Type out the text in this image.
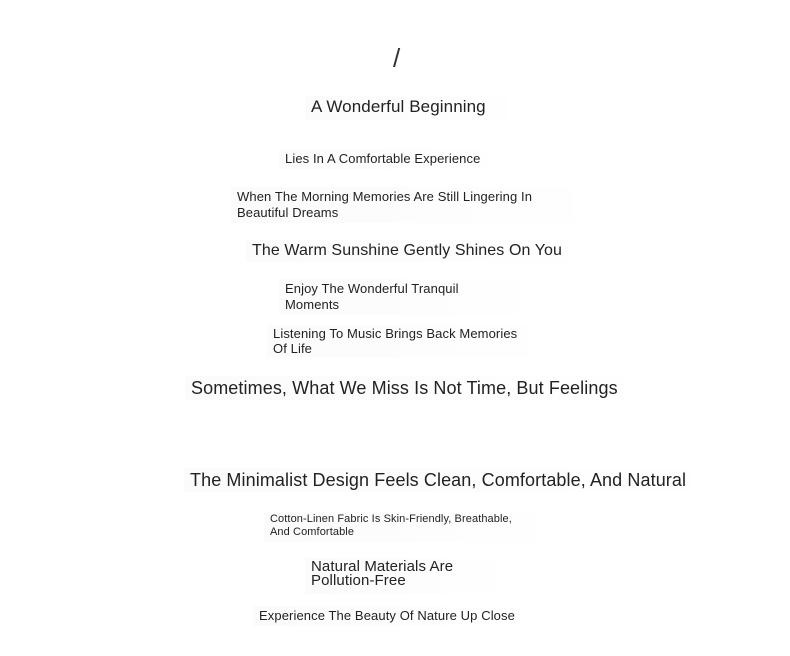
/

A Wonderful Beginning

Lies In A Comfortable Experience

When The Morning Memories Are Still Lingering In Beautiful Dreams

The Warm Sunshine Gently Shines On You

Enjoy The Wonderful Tranquil Moments

Listening To Music Brings Back Memories Of Life

Sometimes, What We Miss Is Not Time, But Feelings

The Minimalist Design Feels Clean, Comfortable, And Natural

Cotton-Linen Fabric Is Skin-Friendly, Breathable, And Comfortable

Natural Materials Are Pollution-Free

Experience The Beauty Of Nature Up Close
